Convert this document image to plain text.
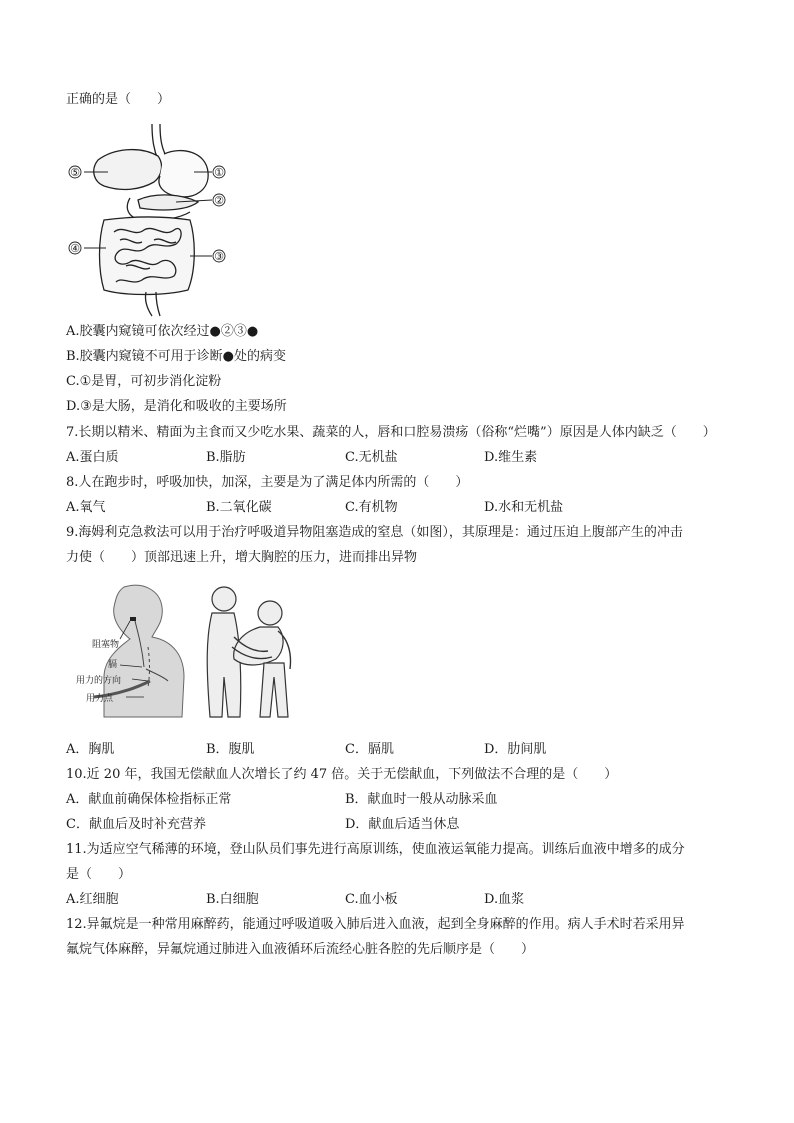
正确的是（　　）
⑤	①
②
④
③
A.胶囊内窥镜可依次经过●②③●
B.胶囊内窥镜不可用于诊断●处的病变
C.①是胃，可初步消化淀粉
D.③是大肠，是消化和吸收的主要场所
7.长期以精米、精面为主食而又少吃水果、蔬菜的人，唇和口腔易溃疡（俗称“烂嘴”）原因是人体内缺乏（　　）
A.蛋白质	B.脂肪	C.无机盐	D.维生素
8.人在跑步时，呼吸加快，加深，主要是为了满足体内所需的（　　）
A.氧气	B.二氧化碳	C.有机物	D.水和无机盐
9.海姆利克急救法可以用于治疗呼吸道异物阻塞造成的窒息（如图），其原理是：通过压迫上腹部产生的冲击
力使（　　）顶部迅速上升，增大胸腔的压力，进而排出异物
阻塞物
膈
用力的方向
用力点
A．胸肌	B．腹肌	C．膈肌	D．肋间肌
10.近 20 年，我国无偿献血人次增长了约 47 倍。关于无偿献血，下列做法不合理的是（　　）
A．献血前确保体检指标正常	B．献血时一般从动脉采血
C．献血后及时补充营养	D．献血后适当休息
11.为适应空气稀薄的环境，登山队员们事先进行高原训练，使血液运氧能力提高。训练后血液中增多的成分
是（　　）
A.红细胞	B.白细胞	C.血小板	D.血浆
12.异氟烷是一种常用麻醉药，能通过呼吸道吸入肺后进入血液，起到全身麻醉的作用。病人手术时若采用异
氟烷气体麻醉，异氟烷通过肺进入血液循环后流经心脏各腔的先后顺序是（　　）
